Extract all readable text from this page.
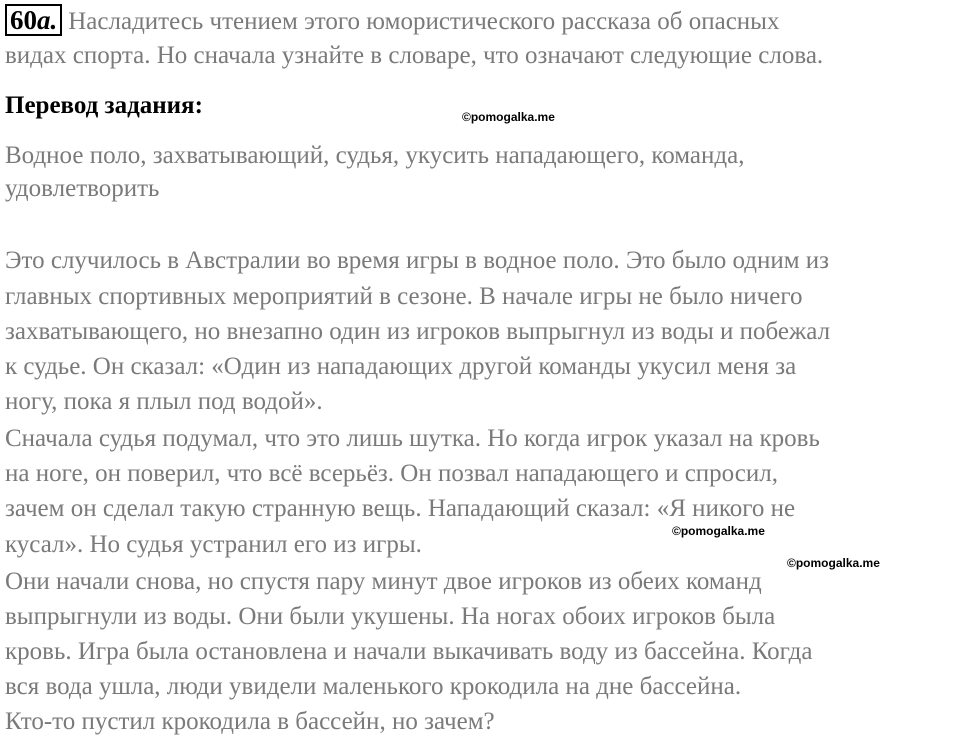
60a. Насладитесь чтением этого юмористического рассказа об опасных
видах спорта. Но сначала узнайте в словаре, что означают следующие слова.
Перевод задания:	©pomogalka.me
Водное поло, захватывающий, судья, укусить нападающего, команда,
удовлетворить
Это случилось в Австралии во время игры в водное поло. Это было одним из
главных спортивных мероприятий в сезоне. В начале игры не было ничего
захватывающего, но внезапно один из игроков выпрыгнул из воды и побежал
к судье. Он сказал: «Один из нападающих другой команды укусил меня за
ногу, пока я плыл под водой».
Сначала судья подумал, что это лишь шутка. Но когда игрок указал на кровь
на ноге, он поверил, что всё всерьёз. Он позвал нападающего и спросил,
зачем он сделал такую странную вещь. Нападающий сказал: «Я никого не
©pomogalka.me
кусал». Но судья устранил его из игры.
©pomogalka.me
Они начали снова, но спустя пару минут двое игроков из обеих команд
выпрыгнули из воды. Они были укушены. На ногах обоих игроков была
кровь. Игра была остановлена и начали выкачивать воду из бассейна. Когда
вся вода ушла, люди увидели маленького крокодила на дне бассейна.
Кто-то пустил крокодила в бассейн, но зачем?
